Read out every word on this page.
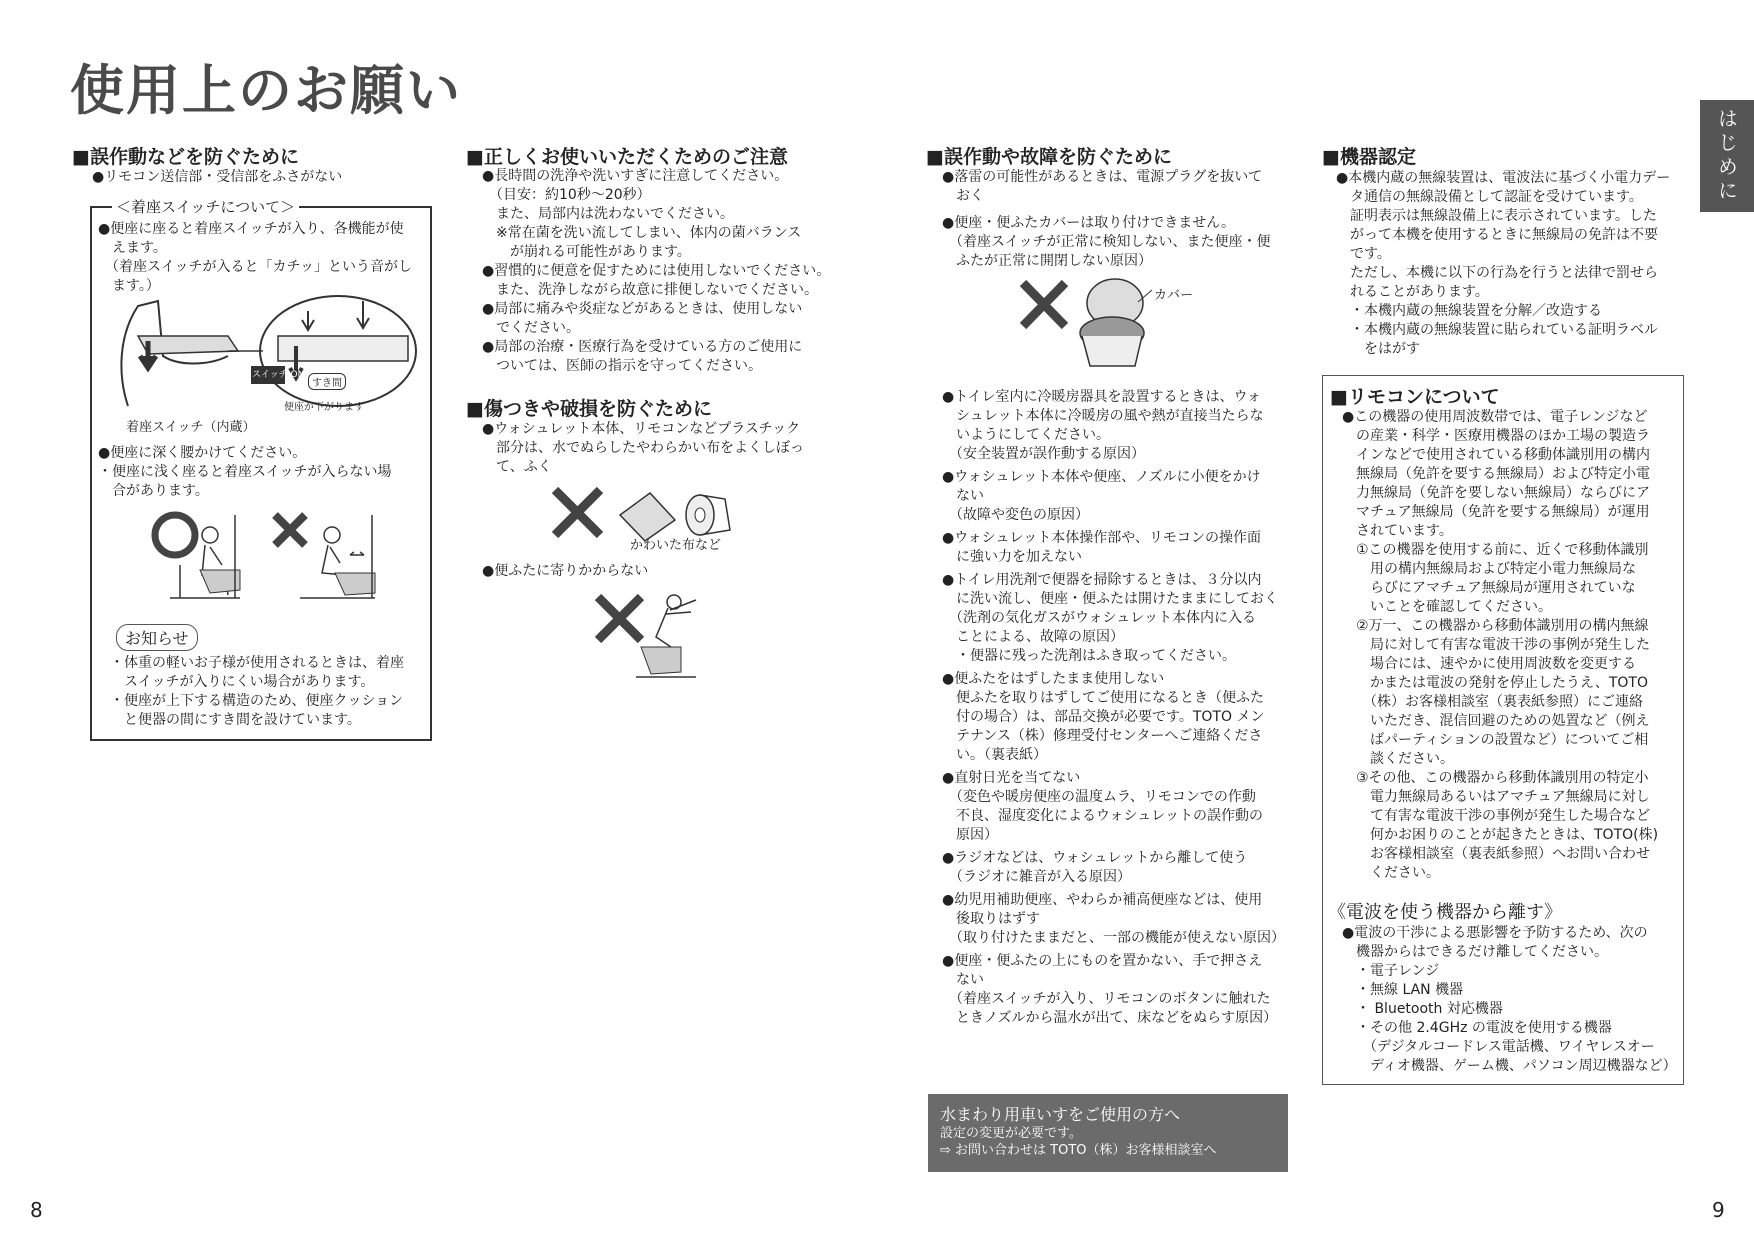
使用上のお願い
はじめに
■誤作動などを防ぐために
●リモコン送信部・受信部をふさがない
＜着座スイッチについて＞
●便座に座ると着座スイッチが入り、各機能が使
　えます。
　（着座スイッチが入ると「カチッ」という音がし
　ます。）
スイッチ ON
すき間
便座が下がります
着座スイッチ（内蔵）
●便座に深く腰かけてください。
・便座に浅く座ると着座スイッチが入らない場
　合があります。
お知らせ
・体重の軽いお子様が使用されるときは、着座
　スイッチが入りにくい場合があります。
・便座が上下する構造のため、便座クッション
　と便器の間にすき間を設けています。
■正しくお使いいただくためのご注意
●長時間の洗浄や洗いすぎに注意してください。
　（目安：約10秒〜20秒）
　また、局部内は洗わないでください。
　※常在菌を洗い流してしまい、体内の菌バランス
　　が崩れる可能性があります。
●習慣的に便意を促すためには使用しないでください。
　また、洗浄しながら故意に排便しないでください。
●局部に痛みや炎症などがあるときは、使用しない
　でください。
●局部の治療・医療行為を受けている方のご使用に
　ついては、医師の指示を守ってください。
■傷つきや破損を防ぐために
●ウォシュレット本体、リモコンなどプラスチック
　部分は、水でぬらしたやわらかい布をよくしぼっ
　て、ふく
かわいた布など
●便ふたに寄りかからない
■誤作動や故障を防ぐために
●落雷の可能性があるときは、電源プラグを抜いて
　おく
●便座・便ふたカバーは取り付けできません。
　（着座スイッチが正常に検知しない、また便座・便
　ふたが正常に開閉しない原因）
カバー
●トイレ室内に冷暖房器具を設置するときは、ウォ
　シュレット本体に冷暖房の風や熱が直接当たらな
　いようにしてください。
　（安全装置が誤作動する原因）
●ウォシュレット本体や便座、ノズルに小便をかけ
　ない
　（故障や変色の原因）
●ウォシュレット本体操作部や、リモコンの操作面
　に強い力を加えない
●トイレ用洗剤で便器を掃除するときは、３分以内
　に洗い流し、便座・便ふたは開けたままにしておく
　（洗剤の気化ガスがウォシュレット本体内に入る
　ことによる、故障の原因）
　・便器に残った洗剤はふき取ってください。
●便ふたをはずしたまま使用しない
　便ふたを取りはずしてご使用になるとき（便ふた
　付の場合）は、部品交換が必要です。TOTO メン
　テナンス（株）修理受付センターへご連絡くださ
　い。（裏表紙）
●直射日光を当てない
　（変色や暖房便座の温度ムラ、リモコンでの作動
　不良、湿度変化によるウォシュレットの誤作動の
　原因）
●ラジオなどは、ウォシュレットから離して使う
　（ラジオに雑音が入る原因）
●幼児用補助便座、やわらか補高便座などは、使用
　後取りはずす
　（取り付けたままだと、一部の機能が使えない原因）
●便座・便ふたの上にものを置かない、手で押さえ
　ない
　（着座スイッチが入り、リモコンのボタンに触れた
　ときノズルから温水が出て、床などをぬらす原因）
水まわり用車いすをご使用の方へ
設定の変更が必要です。
⇨ お問い合わせは TOTO（株）お客様相談室へ
■機器認定
●本機内蔵の無線装置は、電波法に基づく小電力デー
　タ通信の無線設備として認証を受けています。
　証明表示は無線設備上に表示されています。した
　がって本機を使用するときに無線局の免許は不要
　です。
　ただし、本機に以下の行為を行うと法律で罰せら
　れることがあります。
　・本機内蔵の無線装置を分解／改造する
　・本機内蔵の無線装置に貼られている証明ラベル
　　をはがす
■リモコンについて
●この機器の使用周波数帯では、電子レンジなど
　の産業・科学・医療用機器のほか工場の製造ラ
　インなどで使用されている移動体識別用の構内
　無線局（免許を要する無線局）および特定小電
　力無線局（免許を要しない無線局）ならびにア
　マチュア無線局（免許を要する無線局）が運用
　されています。
　①この機器を使用する前に、近くで移動体識別
　　用の構内無線局および特定小電力無線局な
　　らびにアマチュア無線局が運用されていな
　　いことを確認してください。
　②万一、この機器から移動体識別用の構内無線
　　局に対して有害な電波干渉の事例が発生した
　　場合には、速やかに使用周波数を変更する
　　かまたは電波の発射を停止したうえ、TOTO
　　（株）お客様相談室（裏表紙参照）にご連絡
　　いただき、混信回避のための処置など（例え
　　ばパーティションの設置など）についてご相
　　談ください。
　③その他、この機器から移動体識別用の特定小
　　電力無線局あるいはアマチュア無線局に対し
　　て有害な電波干渉の事例が発生した場合など
　　何かお困りのことが起きたときは、TOTO(株)
　　お客様相談室（裏表紙参照）へお問い合わせ
　　ください。
《電波を使う機器から離す》
●電波の干渉による悪影響を予防するため、次の
　機器からはできるだけ離してください。
　・電子レンジ
　・無線 LAN 機器
　・ Bluetooth 対応機器
　・その他 2.4GHz の電波を使用する機器
　　（デジタルコードレス電話機、ワイヤレスオー
　　ディオ機器、ゲーム機、パソコン周辺機器など）
8	9
